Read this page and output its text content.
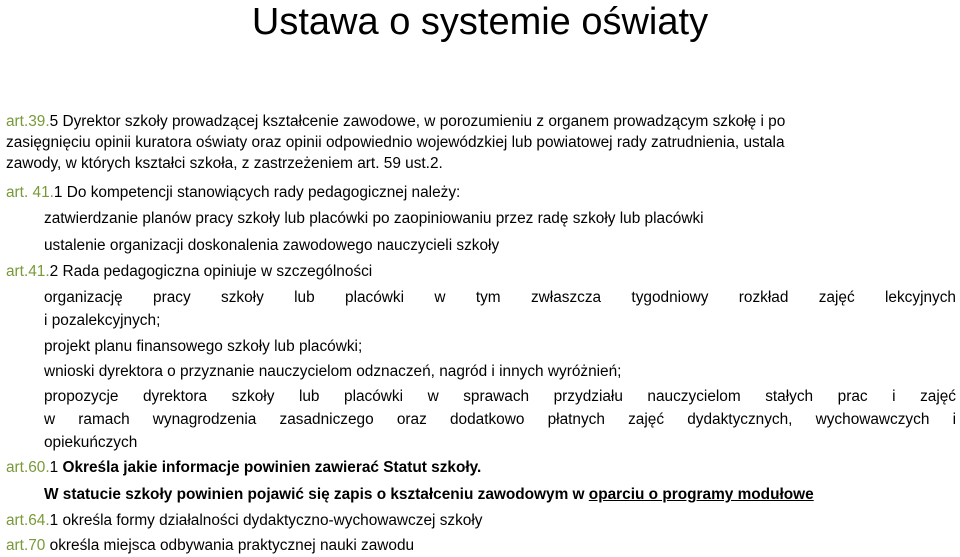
Ustawa o systemie oświaty
art.39.5 Dyrektor szkoły prowadzącej kształcenie zawodowe, w porozumieniu z organem prowadzącym szkołę i po
zasięgnięciu opinii kuratora oświaty oraz opinii odpowiednio wojewódzkiej lub powiatowej rady zatrudnienia, ustala
zawody, w których kształci szkoła, z zastrzeżeniem art. 59 ust.2.
art. 41.1 Do kompetencji stanowiących rady pedagogicznej należy:
zatwierdzanie planów pracy szkoły lub placówki po zaopiniowaniu przez radę szkoły lub placówki
ustalenie organizacji doskonalenia zawodowego nauczycieli szkoły
art.41.2 Rada pedagogiczna opiniuje w szczególności
organizację pracy szkoły lub placówki w tym zwłaszcza tygodniowy rozkład zajęć lekcyjnych
i pozalekcyjnych;
projekt planu finansowego szkoły lub placówki;
wnioski dyrektora o przyznanie nauczycielom odznaczeń, nagród i innych wyróżnień;
propozycje dyrektora szkoły lub placówki w sprawach przydziału nauczycielom stałych prac i zajęć
w ramach wynagrodzenia zasadniczego oraz dodatkowo płatnych zajęć dydaktycznych, wychowawczych i
opiekuńczych
art.60.1 Określa jakie informacje powinien zawierać Statut szkoły.
W statucie szkoły powinien pojawić się zapis o kształceniu zawodowym w oparciu o programy modułowe
art.64.1 określa formy działalności dydaktyczno-wychowawczej szkoły
art.70 określa miejsca odbywania praktycznej nauki zawodu
